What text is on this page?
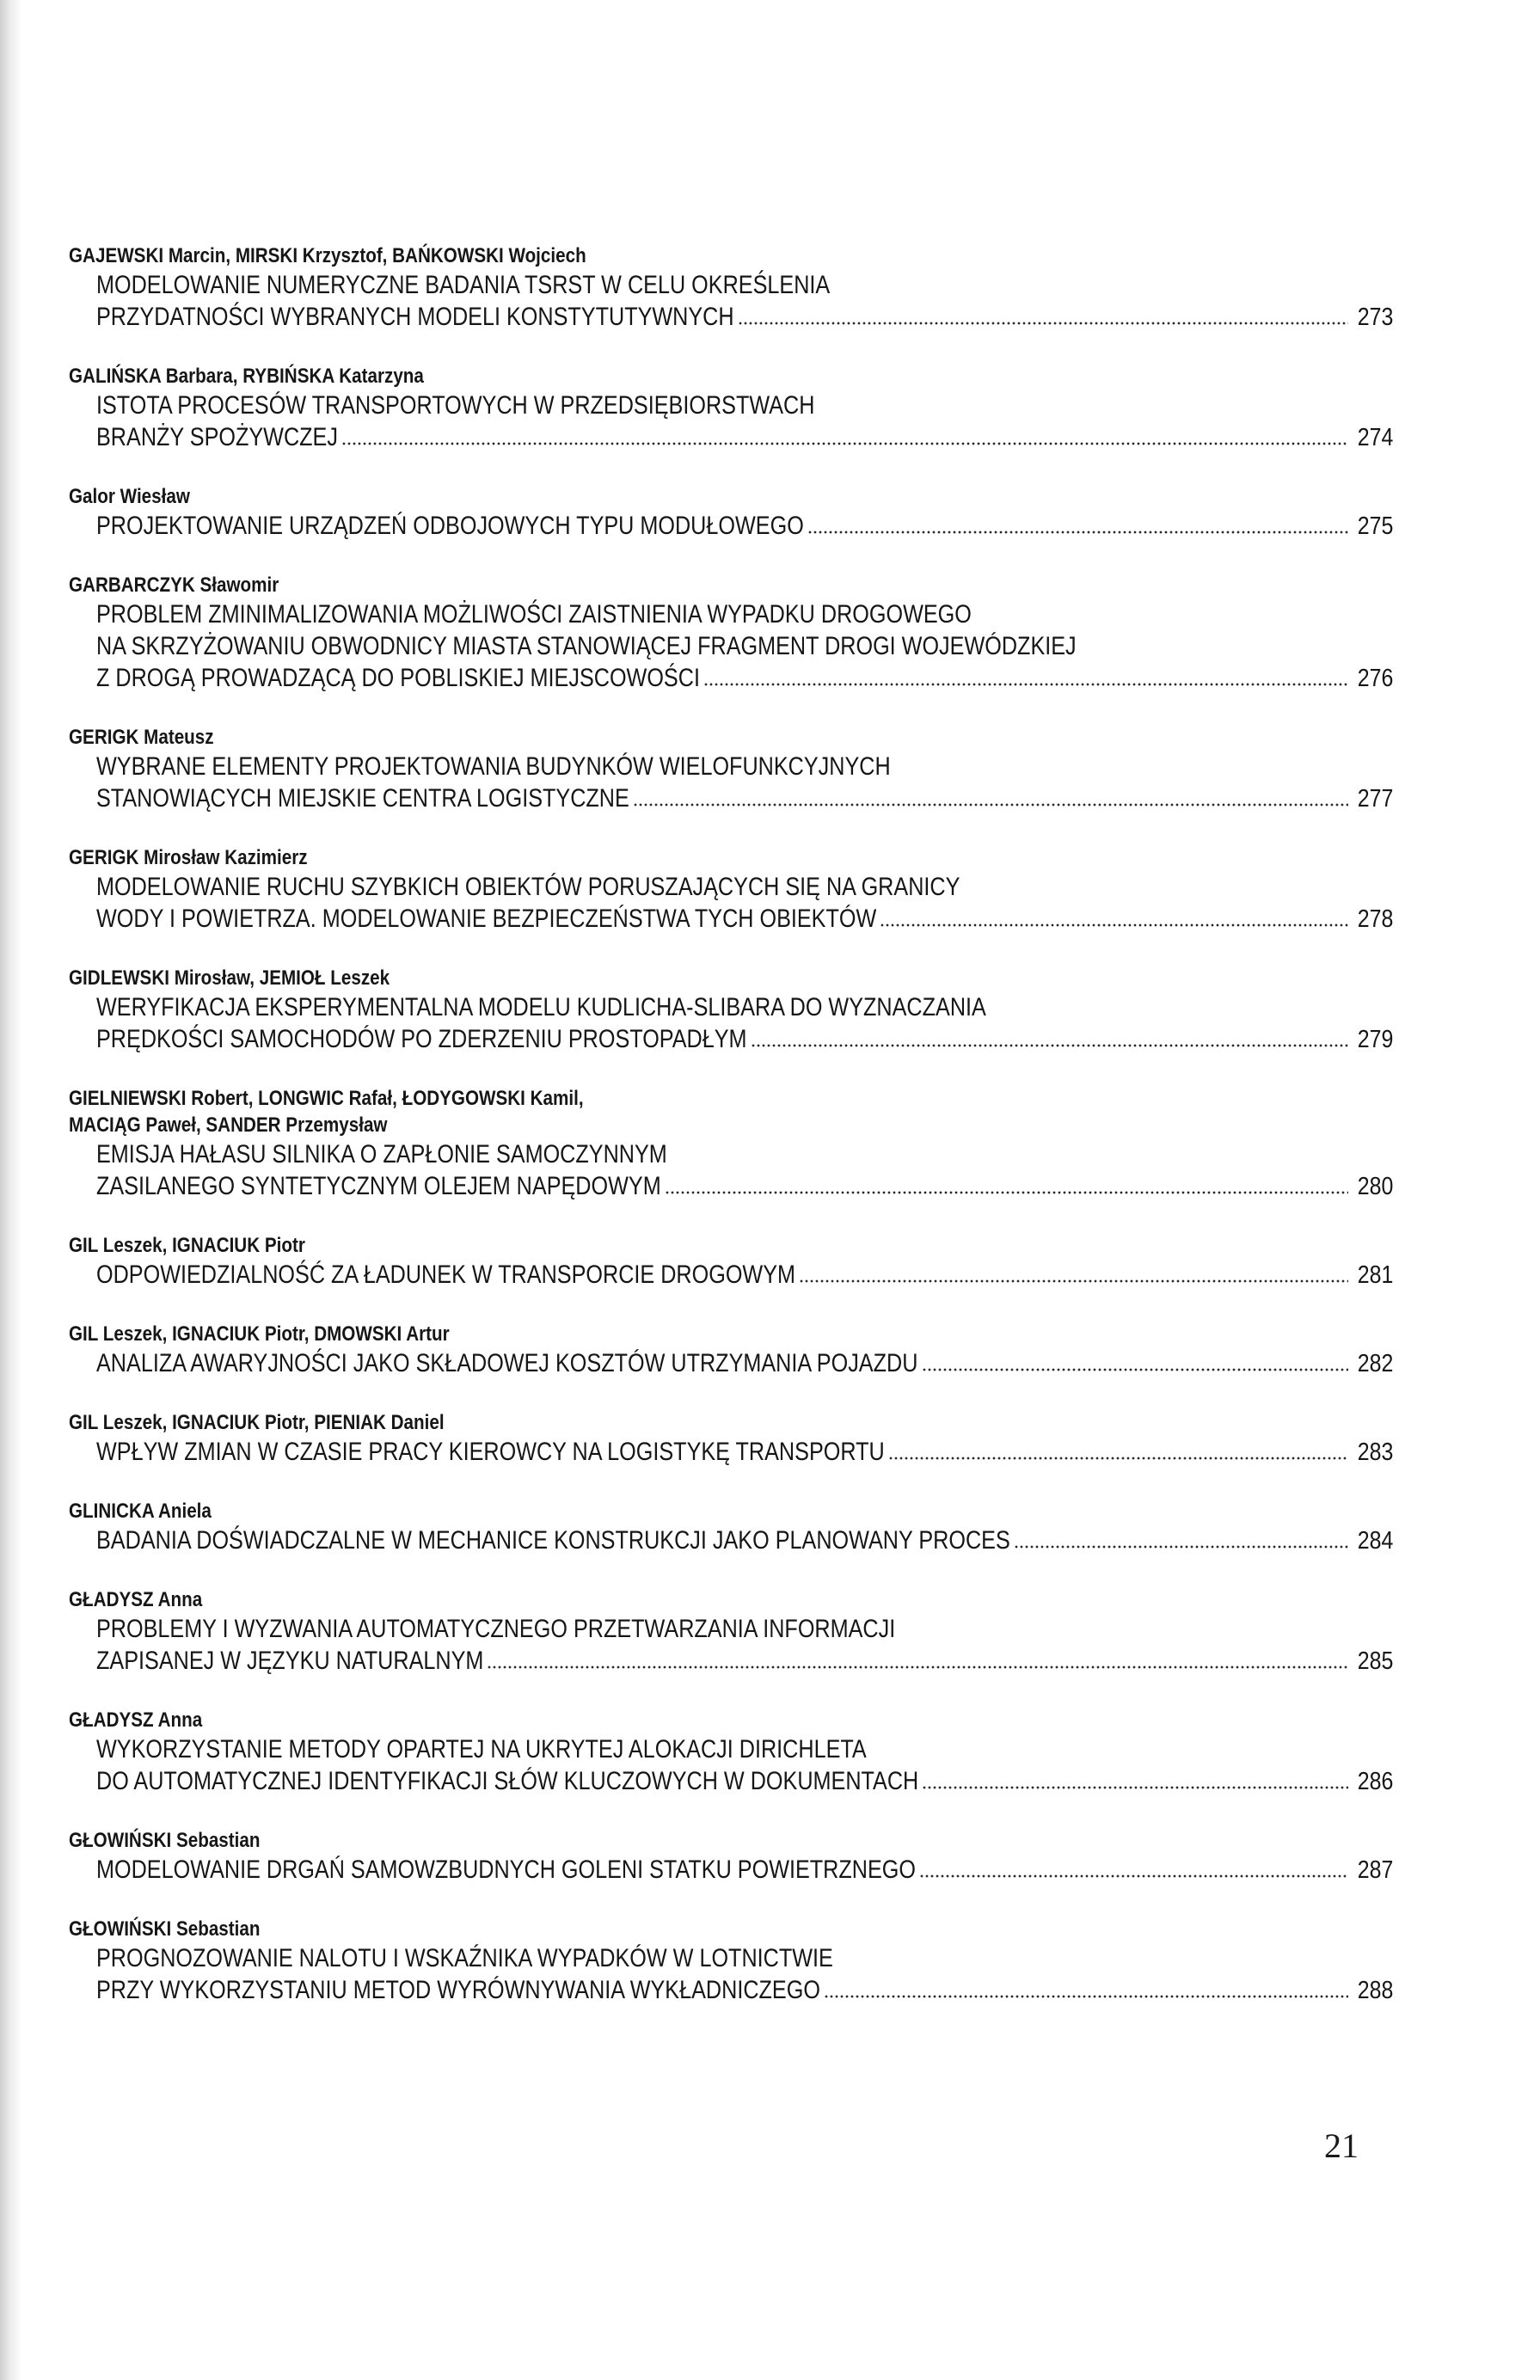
GAJEWSKI Marcin, MIRSKI Krzysztof, BAŃKOWSKI Wojciech
MODELOWANIE NUMERYCZNE BADANIA TSRST W CELU OKREŚLENIA
PRZYDATNOŚCI WYBRANYCH MODELI KONSTYTUTYWNYCH	273
GALIŃSKA Barbara, RYBIŃSKA Katarzyna
ISTOTA PROCESÓW TRANSPORTOWYCH W PRZEDSIĘBIORSTWACH
BRANŻY SPOŻYWCZEJ	274
Galor Wiesław
PROJEKTOWANIE URZĄDZEŃ ODBOJOWYCH TYPU MODUŁOWEGO	275
GARBARCZYK Sławomir
PROBLEM ZMINIMALIZOWANIA MOŻLIWOŚCI ZAISTNIENIA WYPADKU DROGOWEGO
NA SKRZYŻOWANIU OBWODNICY MIASTA STANOWIĄCEJ FRAGMENT DROGI WOJEWÓDZKIEJ
Z DROGĄ PROWADZĄCĄ DO POBLISKIEJ MIEJSCOWOŚCI	276
GERIGK Mateusz
WYBRANE ELEMENTY PROJEKTOWANIA BUDYNKÓW WIELOFUNKCYJNYCH
STANOWIĄCYCH MIEJSKIE CENTRA LOGISTYCZNE	277
GERIGK Mirosław Kazimierz
MODELOWANIE RUCHU SZYBKICH OBIEKTÓW PORUSZAJĄCYCH SIĘ NA GRANICY
WODY I POWIETRZA. MODELOWANIE BEZPIECZEŃSTWA TYCH OBIEKTÓW	278
GIDLEWSKI Mirosław, JEMIOŁ Leszek
WERYFIKACJA EKSPERYMENTALNA MODELU KUDLICHA-SLIBARA DO WYZNACZANIA
PRĘDKOŚCI SAMOCHODÓW PO ZDERZENIU PROSTOPADŁYM	279
GIELNIEWSKI Robert, LONGWIC Rafał, ŁODYGOWSKI Kamil,
MACIĄG Paweł, SANDER Przemysław
EMISJA HAŁASU SILNIKA O ZAPŁONIE SAMOCZYNNYM
ZASILANEGO SYNTETYCZNYM OLEJEM NAPĘDOWYM	280
GIL Leszek, IGNACIUK Piotr
ODPOWIEDZIALNOŚĆ ZA ŁADUNEK W TRANSPORCIE DROGOWYM	281
GIL Leszek, IGNACIUK Piotr, DMOWSKI Artur
ANALIZA AWARYJNOŚCI JAKO SKŁADOWEJ KOSZTÓW UTRZYMANIA POJAZDU	282
GIL Leszek, IGNACIUK Piotr, PIENIAK Daniel
WPŁYW ZMIAN W CZASIE PRACY KIEROWCY NA LOGISTYKĘ TRANSPORTU	283
GLINICKA Aniela
BADANIA DOŚWIADCZALNE W MECHANICE KONSTRUKCJI JAKO PLANOWANY PROCES	284
GŁADYSZ Anna
PROBLEMY I WYZWANIA AUTOMATYCZNEGO PRZETWARZANIA INFORMACJI
ZAPISANEJ W JĘZYKU NATURALNYM	285
GŁADYSZ Anna
WYKORZYSTANIE METODY OPARTEJ NA UKRYTEJ ALOKACJI DIRICHLETA
DO AUTOMATYCZNEJ IDENTYFIKACJI SŁÓW KLUCZOWYCH W DOKUMENTACH	286
GŁOWIŃSKI Sebastian
MODELOWANIE DRGAŃ SAMOWZBUDNYCH GOLENI STATKU POWIETRZNEGO	287
GŁOWIŃSKI Sebastian
PROGNOZOWANIE NALOTU I WSKAŹNIKA WYPADKÓW W LOTNICTWIE
PRZY WYKORZYSTANIU METOD WYRÓWNYWANIA WYKŁADNICZEGO	288
21
